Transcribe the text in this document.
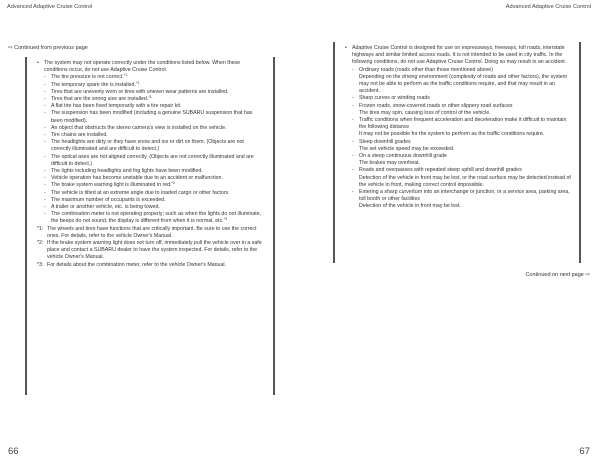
Advanced Adaptive Cruise Control	Advanced Adaptive Cruise Control
⇨ Continued from previous page

• The system may not operate correctly under the conditions listed below. When these conditions occur, do not use Adaptive Cruise Control.

- The tire pressure is not correct.$^{*1}$
- The temporary spare tire is installed.$^{*1}$
- Tires that are unevenly worn or tires with uneven wear patterns are installed.
- Tires that are the wrong size are installed.$^{*1}$
- A flat tire has been fixed temporarily with a tire repair kit.
- The suspension has been modified (including a genuine SUBARU suspension that has been modified).
- An object that obstructs the stereo camera's view is installed on the vehicle.
- Tire chains are installed.
- The headlights are dirty or they have snow and ice or dirt on them. (Objects are not correctly illuminated and are difficult to detect.)
- The optical axes are not aligned correctly. (Objects are not correctly illuminated and are difficult to detect.)
- The lights including headlights and fog lights have been modified.
- Vehicle operation has become unstable due to an accident or malfunction.
- The brake system warning light is illuminated in red.$^{*2}$
- The vehicle is tilted at an extreme angle due to loaded cargo or other factors.
- The maximum number of occupants is exceeded.
- A trailer or another vehicle, etc. is being towed.
- The combination meter is not operating properly; such as when the lights do not illuminate, the beeps do not sound, the display is different from when it is normal, etc.$^{*3}$
*1: The wheels and tires have functions that are critically important. Be sure to use the correct ones. For details, refer to the vehicle Owner's Manual.
*2: If the brake system warning light does not turn off, immediately pull the vehicle over in a safe place and contact a SUBARU dealer to have the system inspected. For details, refer to the vehicle Owner's Manual.
*3: For details about the combination meter, refer to the vehicle Owner's Manual.

• Adaptive Cruise Control is designed for use on expressways, freeways, toll roads, interstate highways and similar limited access roads. It is not intended to be used in city traffic. In the following conditions, do not use Adaptive Cruise Control. Doing so may result in an accident.

- Ordinary roads (roads other than those mentioned above)
Depending on the driving environment (complexity of roads and other factors), the system may not be able to perform as the traffic conditions require, and that may result in an accident.
- Sharp curves or winding roads
- Frozen roads, snow-covered roads or other slippery road surfaces
The tires may spin, causing loss of control of the vehicle.
- Traffic conditions when frequent acceleration and deceleration make it difficult to maintain the following distance
It may not be possible for the system to perform as the traffic conditions require.
- Steep downhill grades
The set vehicle speed may be exceeded.
- On a steep continuous downhill grade
The brakes may overheat.
- Roads and overpasses with repeated steep uphill and downhill grades
Detection of the vehicle in front may be lost, or the road surface may be detected instead of the vehicle in front, making correct control impossible.
- Entering a sharp curve/turn into an interchange or junction, or a service area, parking area, toll booth or other facilities
Detection of the vehicle in front may be lost.
Continued on next page ⇨
66	67
